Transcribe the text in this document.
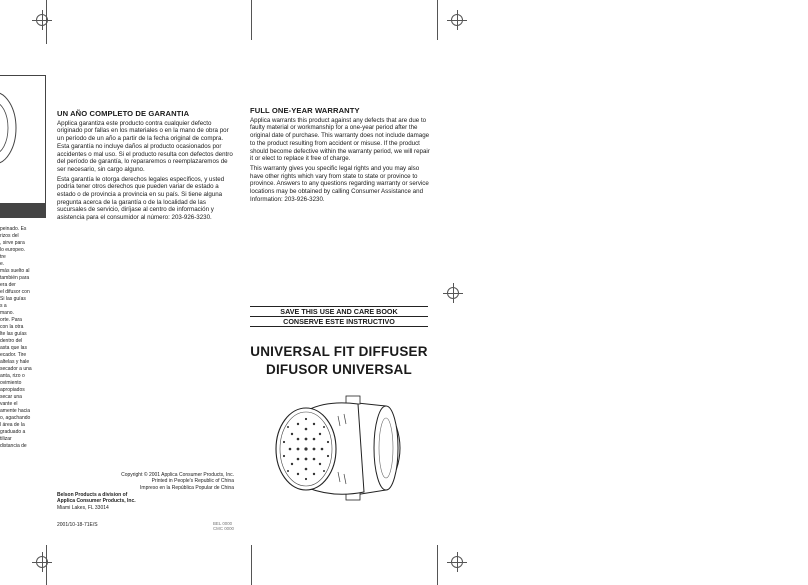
peinado. Es
rizos del
, sirve para
lo europeo.
tre
e.
más suelto al
también para
era der
el difusor con
Si las guías
s a
mano.
orte. Para
con la otra
lte las guías
dentro del
asta que las
ecador. Tire
altelas y hale
secador a una
anta, rizo o
ovimiento
apropiados
secar una
vante el
amente hacia
o, agachando
l área de la
graduado a
tilizar
distancia de
UN AÑO COMPLETO DE GARANTIA

Applica garantiza este producto contra cualquier defecto originado por fallas en los materiales o en la mano de obra por un período de un año a partir de la fecha original de compra. Esta garantía no incluye daños al producto ocasionados por accidentes o mal uso. Si el producto resulta con defectos dentro del período de garantía, lo repararemos o reemplazaremos de ser necesario, sin cargo alguno.

Esta garantía le otorga derechos legales específicos, y usted podría tener otros derechos que pueden variar de estado a estado o de provincia a provincia en su país. Si tiene alguna pregunta acerca de la garantía o de la localidad de las sucursales de servicio, diríjase al centro de información y asistencia para el consumidor al número: 203-926-3230.

FULL ONE-YEAR WARRANTY

Applica warrants this product against any defects that are due to faulty material or workmanship for a one-year period after the original date of purchase. This warranty does not include damage to the product resulting from accident or misuse. If the product should become defective within the warranty period, we will repair it or elect to replace it free of charge.

This warranty gives you specific legal rights and you may also have other rights which vary from state to state or province to province. Answers to any questions regarding warranty or service locations may be obtained by calling Consumer Assistance and Information: 203-926-3230.

Copyright © 2001 Applica Consumer Products, Inc.
Printed in People's Republic of China
Impreso en la República Popular de China
Belson Products a division of
Applica Consumer Products, Inc.
Miami Lakes, FL 33014
2001/10-18-71E/S	BEL 0000
CMC 0000
SAVE THIS USE AND CARE BOOK
CONSERVE ESTE INSTRUCTIVO
UNIVERSAL FIT DIFFUSER
DIFUSOR UNIVERSAL
